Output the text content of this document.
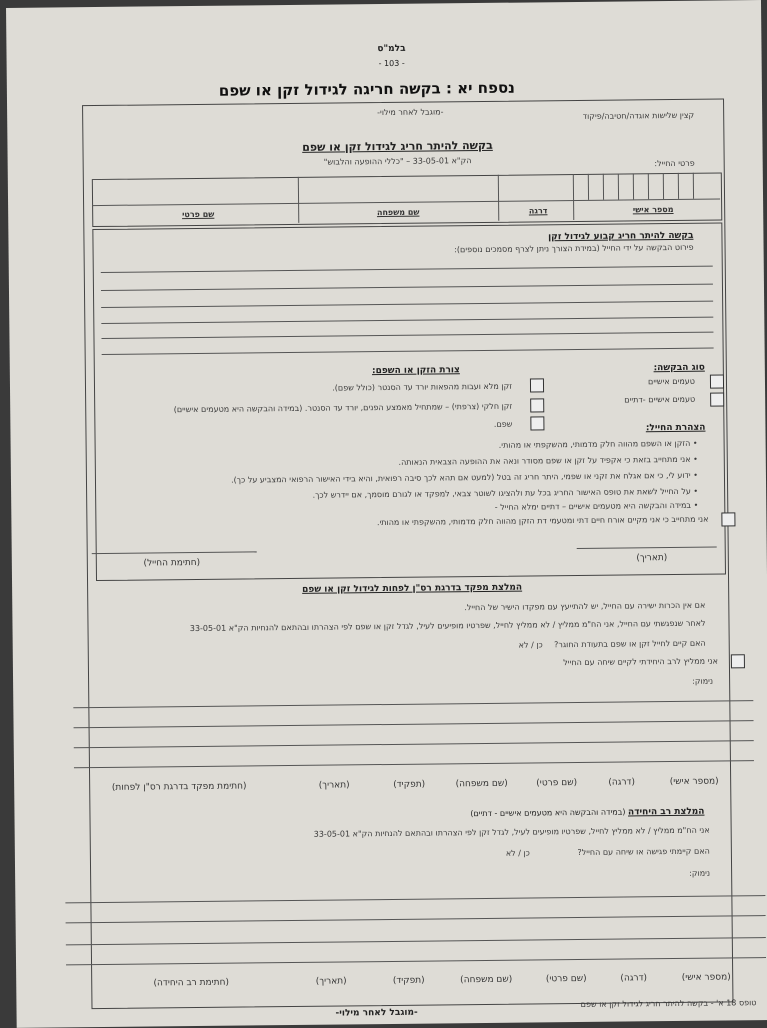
בלמ"ס
- 103 -
נספח יא : בקשה חריגה לגידול זקן או שפם
קצין שלישות אוגדה/חטיבה/פיקוד
-מוגבל לאחר מילוי-
בקשה להיתר חריג לגידול זקן או שפם
הק"א 33-05-01 – "כללי ההופעה והלבוש"	פרטי החייל:
מספר אישי
דרגה
שם משפחה
שם פרטי
בקשה להיתר חריג קבוע לגידול זקן
פירוט הבקשה על ידי החייל (במידת הצורך ניתן לצרף מסמכים נוספים):
סוג הבקשה:
טעמים אישיים
טעמים אישיים -דתיים
צורת הזקן או השפם:
זקן מלא ועבות מהפאות יורד עד הסנטר (כולל שפם).
זקן חלקי (צרפתי) – שמתחיל מאמצע הפנים, יורד עד הסנטר. (במידה והבקשה היא מטעמים אישיים)
שפם.	הצהרת החייל:
• הזקן או השפם מהווה חלק מדמותי, מהשקפתי או מהותי.
• אני מתחייב בזאת כי אקפיד על זקן או שפם מסודר ונאה את ההופעה הצבאית הנאותה.
• ידוע לי, כי אם אגלח את זקני או שפמי, היתר חריג זה בטל (למעט אם תהא לכך סיבה רפואית, והיא בידי האישור הרפואי המצביע על כך).
• על החייל לשאת את טופס האישור החריג בכל עת ולהציגו לשוטר צבאי, למפקד או לגורם מוסמך, אם יידרש לכך.
• במידה והבקשה היא מטעמים אישיים – דתיים ימלא החייל -
אני מתחייב כי אני מקיים אורח חיים דתי ומטעמי דת הזקן מהווה חלק מדמותי, מהשקפתי או מהותי.
(תאריך)
(חתימת החייל)
המלצת מפקד בדרגת רס"ן לפחות לגידול זקן או שפם
אם אין הכרות ישירה עם החייל, יש להתייעץ עם מפקדו הישיר של החייל.
לאחר שנפגשתי עם החייל, אני הח"מ ממליץ / לא ממליץ לחייל, שפרטיו מופיעים לעיל, לגדל זקן או שפם לפי הצהרתו ובהתאם להנחיות הק"א 33-05-01
האם קיים לחייל זקן או שפם בתעודת החוגר?
כן / לא
אני ממליץ לרב היחידתי לקיים שיחה עם החייל
נימוק:
(מספר אישי)
(דרגה)
(שם פרטי)
(שם משפחה)
(תפקיד)
(תאריך)
(חתימת מפקד בדרגת רס"ן לפחות)
המלצת רב היחידה (במידה והבקשה היא מטעמים אישיים - דתיים)
אני הח"מ ממליץ / לא ממליץ לחייל, שפרטיו מופיעים לעיל, לגדל זקן לפי הצהרתו ובהתאם להנחיות הק"א 33-05-01
האם קיימתי פגישה או שיחה עם החייל?
כן / לא
נימוק:
(מספר אישי)
(דרגה)
(שם פרטי)
(שם משפחה)
(תפקיד)
(תאריך)
(חתימת רב היחידה)
-מוגבל לאחר מילוי-
טופס 18 א' - בקשה להיתר חריג לגידול זקן או שפם
